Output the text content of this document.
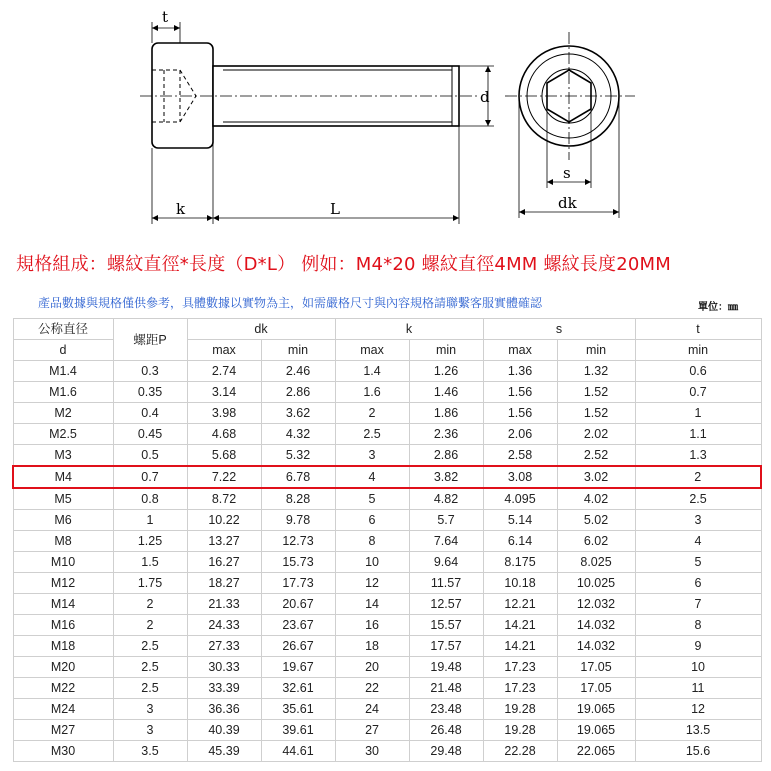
t
k	L
d
s
dk
規格組成：螺紋直徑*長度（D*L） 例如：M4*20 螺紋直徑4MM 螺紋長度20MM
產品數據與規格僅供參考，具體數據以實物為主，如需嚴格尺寸與內容規格請聯繫客服實體確認	單位：㎜
公称直径	螺距P	dk		k		s		t
d		max	min	max	min	max	min	min
M1.4	0.3	2.74	2.46	1.4	1.26	1.36	1.32	0.6
M1.6	0.35	3.14	2.86	1.6	1.46	1.56	1.52	0.7
M2	0.4	3.98	3.62	2	1.86	1.56	1.52	1
M2.5	0.45	4.68	4.32	2.5	2.36	2.06	2.02	1.1
M3	0.5	5.68	5.32	3	2.86	2.58	2.52	1.3
M4	0.7	7.22	6.78	4	3.82	3.08	3.02	2
M5	0.8	8.72	8.28	5	4.82	4.095	4.02	2.5
M6	1	10.22	9.78	6	5.7	5.14	5.02	3
M8	1.25	13.27	12.73	8	7.64	6.14	6.02	4
M10	1.5	16.27	15.73	10	9.64	8.175	8.025	5
M12	1.75	18.27	17.73	12	11.57	10.18	10.025	6
M14	2	21.33	20.67	14	12.57	12.21	12.032	7
M16	2	24.33	23.67	16	15.57	14.21	14.032	8
M18	2.5	27.33	26.67	18	17.57	14.21	14.032	9
M20	2.5	30.33	19.67	20	19.48	17.23	17.05	10
M22	2.5	33.39	32.61	22	21.48	17.23	17.05	11
M24	3	36.36	35.61	24	23.48	19.28	19.065	12
M27	3	40.39	39.61	27	26.48	19.28	19.065	13.5
M30	3.5	45.39	44.61	30	29.48	22.28	22.065	15.6
